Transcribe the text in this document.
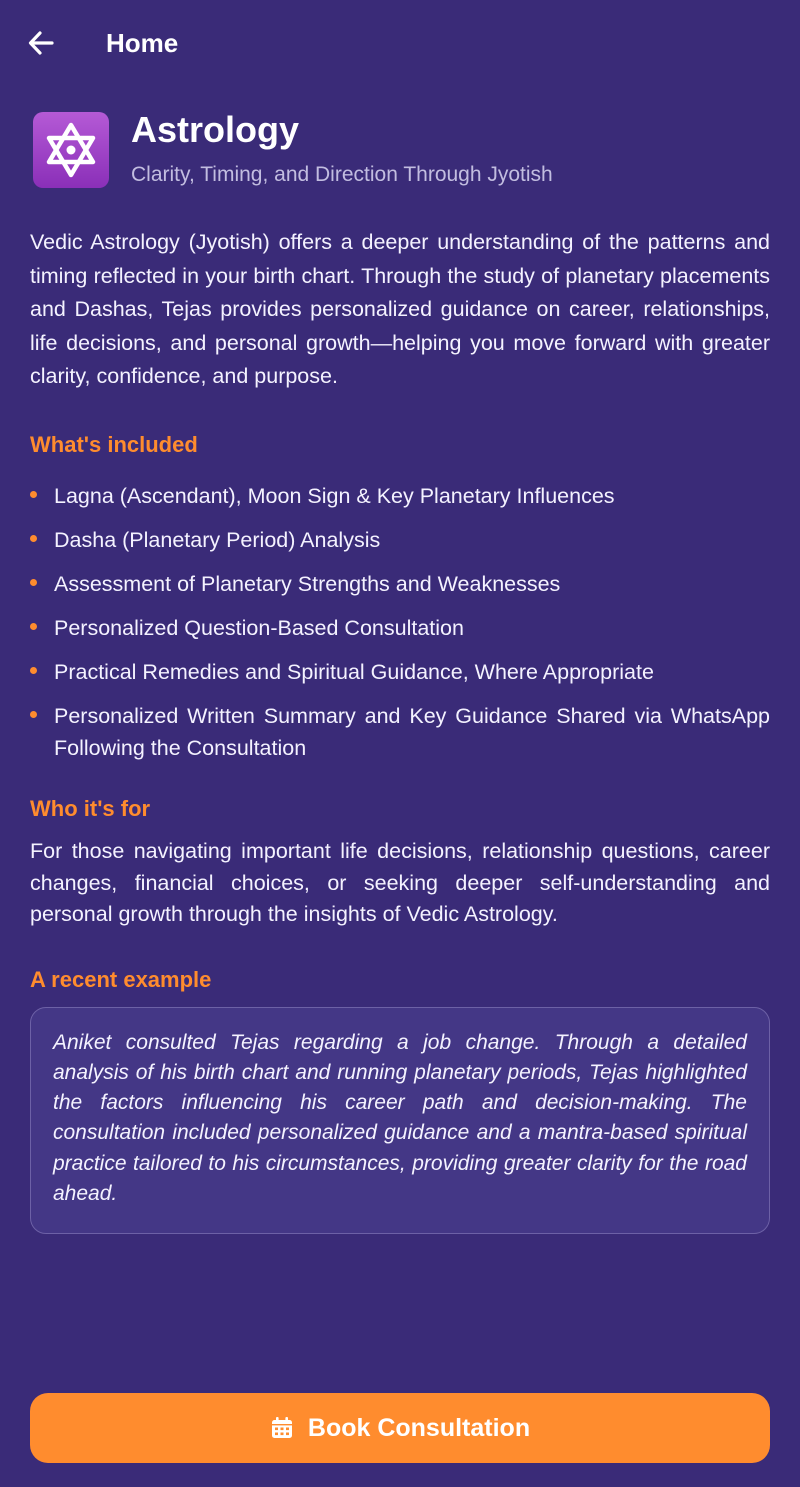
Home
Astrology
Clarity, Timing, and Direction Through Jyotish

Vedic Astrology (Jyotish) offers a deeper understanding of the patterns and timing reflected in your birth chart. Through the study of planetary placements and Dashas, Tejas provides personalized guidance on career, relationships, life decisions, and personal growth—helping you move forward with greater clarity, confidence, and purpose.

What's included
Lagna (Ascendant), Moon Sign & Key Planetary Influences
Dasha (Planetary Period) Analysis
Assessment of Planetary Strengths and Weaknesses
Personalized Question-Based Consultation
Practical Remedies and Spiritual Guidance, Where Appropriate
Personalized Written Summary and Key Guidance Shared via WhatsApp Following the Consultation
Who it's for

For those navigating important life decisions, relationship questions, career changes, financial choices, or seeking deeper self-understanding and personal growth through the insights of Vedic Astrology.

A recent example
Aniket consulted Tejas regarding a job change. Through a detailed analysis of his birth chart and running planetary periods, Tejas highlighted the factors influencing his career path and decision-making. The consultation included personalized guidance and a mantra-based spiritual practice tailored to his circumstances, providing greater clarity for the road ahead.
Book Consultation
